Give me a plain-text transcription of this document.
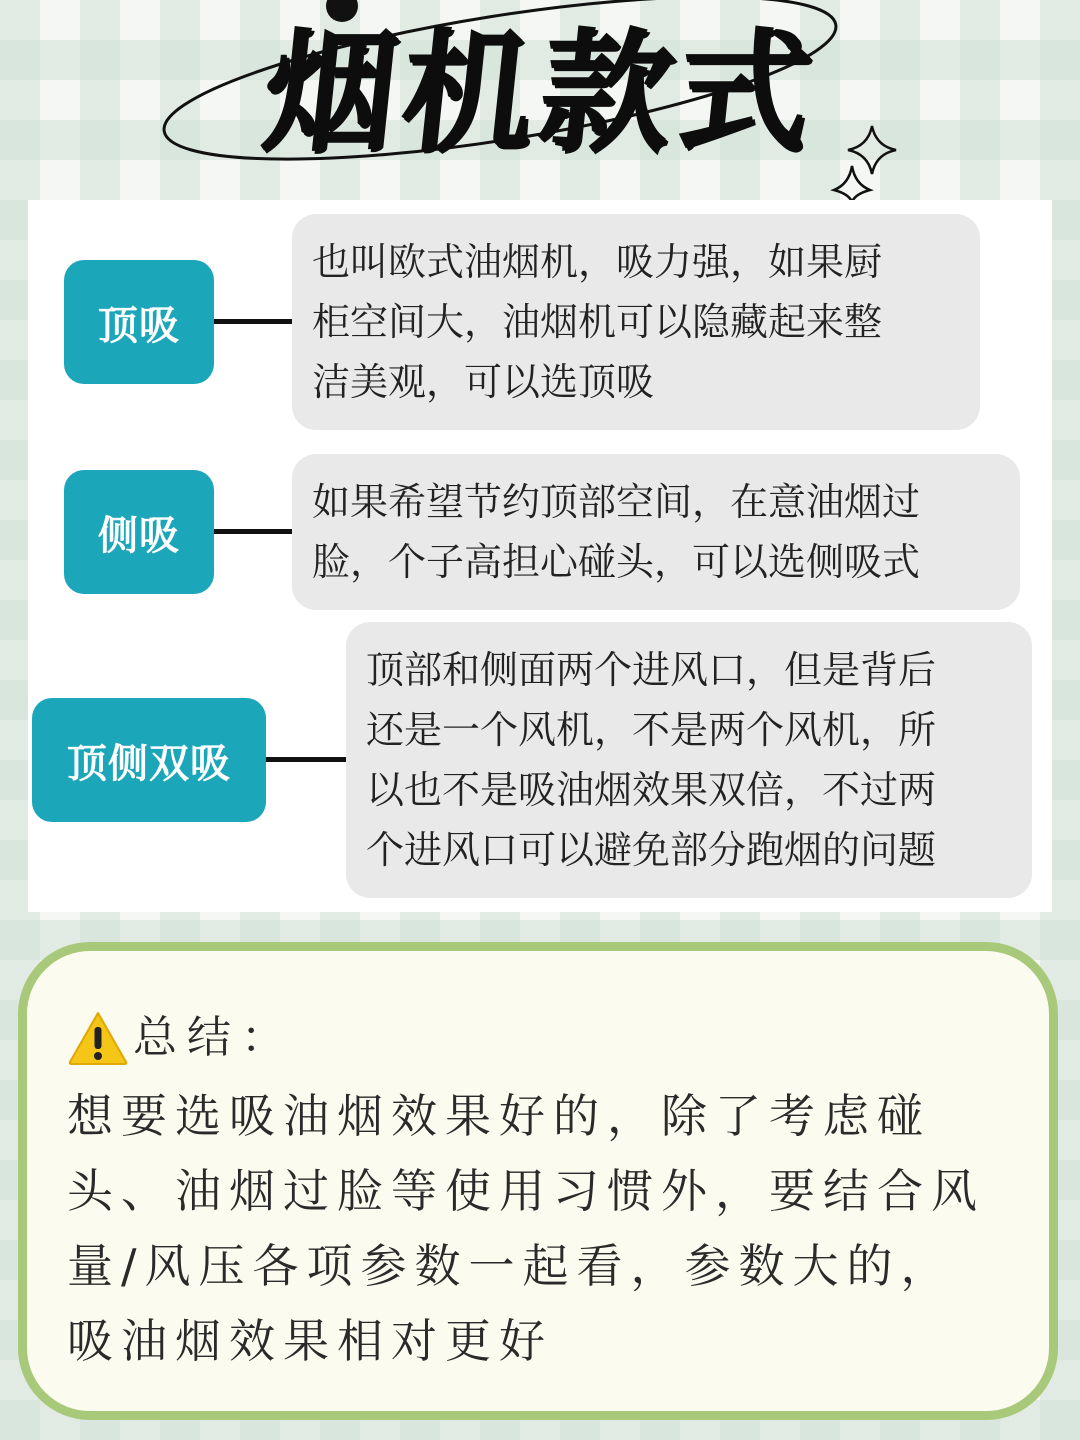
烟机款式
顶吸
也叫欧式油烟机，吸力强，如果厨
柜空间大，油烟机可以隐藏起来整
洁美观，可以选顶吸
侧吸
如果希望节约顶部空间，在意油烟过
脸，个子高担心碰头，可以选侧吸式
顶侧双吸
顶部和侧面两个进风口，但是背后
还是一个风机，不是两个风机，所
以也不是吸油烟效果双倍，不过两
个进风口可以避免部分跑烟的问题
总结：
想要选吸油烟效果好的，除了考虑碰
头、油烟过脸等使用习惯外，要结合风
量/风压各项参数一起看，参数大的，
吸油烟效果相对更好
